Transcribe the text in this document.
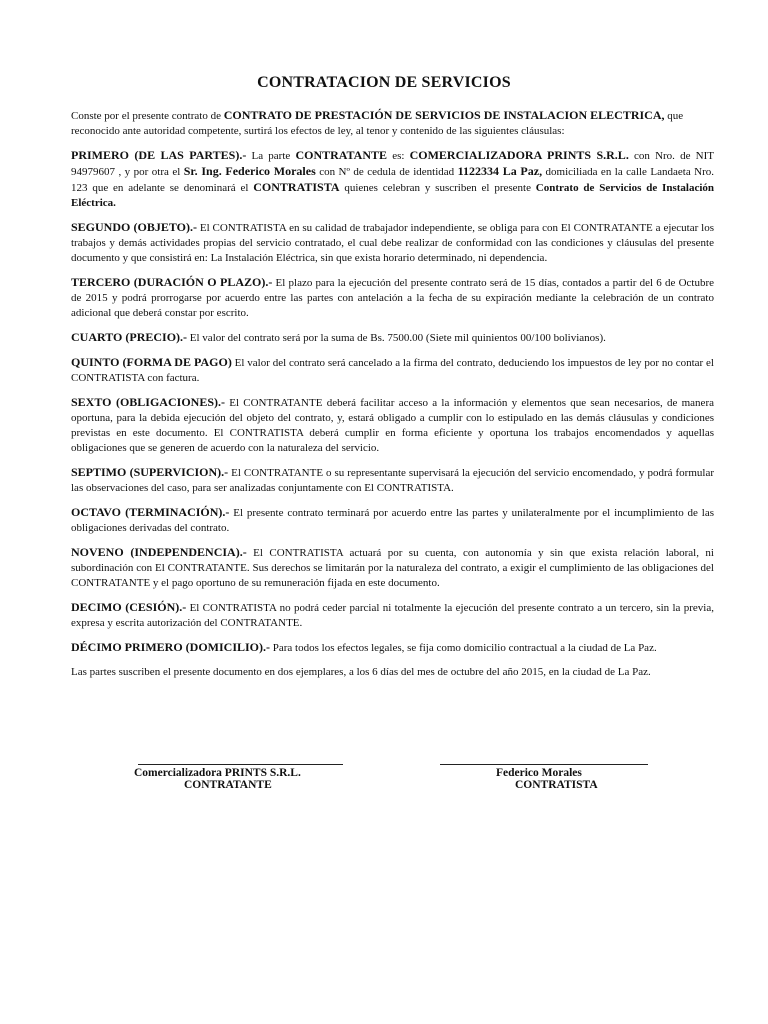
CONTRATACION DE SERVICIOS

Conste por el presente contrato de CONTRATO DE PRESTACIÓN DE SERVICIOS DE INSTALACION ELECTRICA, que reconocido ante autoridad competente, surtirá los efectos de ley, al tenor y contenido de las siguientes cláusulas:

PRIMERO (DE LAS PARTES).- La parte CONTRATANTE es: COMERCIALIZADORA PRINTS S.R.L. con Nro. de NIT 94979607 , y por otra el Sr. Ing. Federico Morales con Nº de cedula de identidad 1122334 La Paz, domiciliada en la calle Landaeta Nro. 123 que en adelante se denominará el CONTRATISTA quienes celebran y suscriben el presente Contrato de Servicios de Instalación Eléctrica.

SEGUNDO (OBJETO).- El CONTRATISTA en su calidad de trabajador independiente, se obliga para con El CONTRATANTE a ejecutar los trabajos y demás actividades propias del servicio contratado, el cual debe realizar de conformidad con las condiciones y cláusulas del presente documento y que consistirá en: La Instalación Eléctrica, sin que exista horario determinado, ni dependencia.

TERCERO (DURACIÓN O PLAZO).- El plazo para la ejecución del presente contrato será de 15 días, contados a partir del 6 de Octubre de 2015 y podrá prorrogarse por acuerdo entre las partes con antelación a la fecha de su expiración mediante la celebración de un contrato adicional que deberá constar por escrito.

CUARTO (PRECIO).- El valor del contrato será por la suma de Bs. 7500.00 (Siete mil quinientos 00/100 bolivianos).

QUINTO (FORMA DE PAGO) El valor del contrato será cancelado a la firma del contrato, deduciendo los impuestos de ley por no contar el CONTRATISTA con factura.

SEXTO (OBLIGACIONES).- El CONTRATANTE deberá facilitar acceso a la información y elementos que sean necesarios, de manera oportuna, para la debida ejecución del objeto del contrato, y, estará obligado a cumplir con lo estipulado en las demás cláusulas y condiciones previstas en este documento. El CONTRATISTA deberá cumplir en forma eficiente y oportuna los trabajos encomendados y aquellas obligaciones que se generen de acuerdo con la naturaleza del servicio.

SEPTIMO (SUPERVICION).- El CONTRATANTE o su representante supervisará la ejecución del servicio encomendado, y podrá formular las observaciones del caso, para ser analizadas conjuntamente con El CONTRATISTA.

OCTAVO (TERMINACIÓN).- El presente contrato terminará por acuerdo entre las partes y unilateralmente por el incumplimiento de las obligaciones derivadas del contrato.

NOVENO (INDEPENDENCIA).- El CONTRATISTA actuará por su cuenta, con autonomía y sin que exista relación laboral, ni subordinación con El CONTRATANTE. Sus derechos se limitarán por la naturaleza del contrato, a exigir el cumplimiento de las obligaciones del CONTRATANTE y el pago oportuno de su remuneración fijada en este documento.

DECIMO (CESIÓN).- El CONTRATISTA no podrá ceder parcial ni totalmente la ejecución del presente contrato a un tercero, sin la previa, expresa y escrita autorización del CONTRATANTE.

DÉCIMO PRIMERO (DOMICILIO).- Para todos los efectos legales, se fija como domicilio contractual a la ciudad de La Paz.

Las partes suscriben el presente documento en dos ejemplares, a los 6 días del mes de octubre del año 2015, en la ciudad de La Paz.

Comercializadora PRINTS S.R.L.
CONTRATANTE
Federico Morales
CONTRATISTA
